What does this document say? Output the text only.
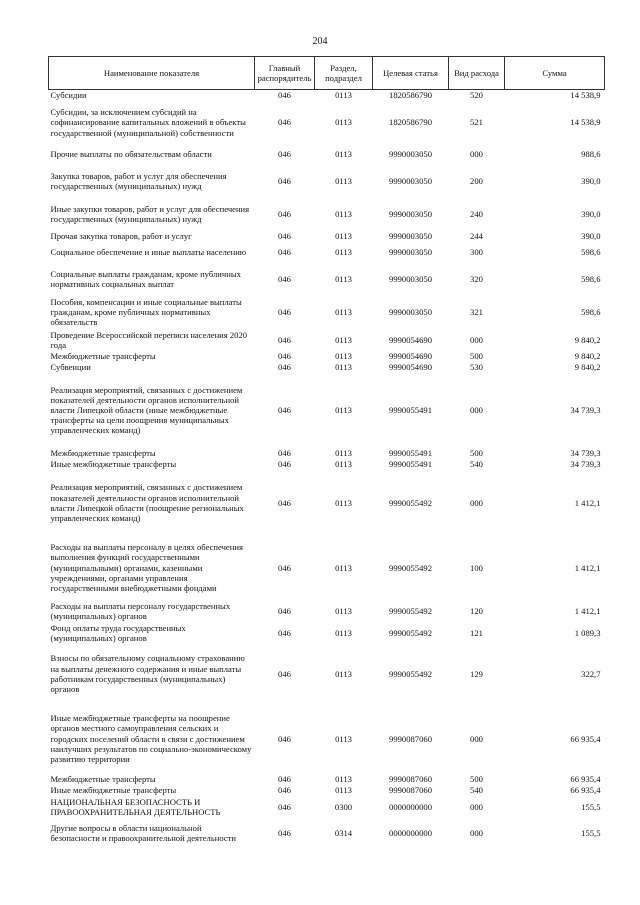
204
Наименование показателя	Главный распорядитель	Раздел, подраздел	Целевая статья	Вид расхода	Сумма
Субсидии	046	0113	1820586790	520	14 538,9
Субсидии, за исключением субсидий на софинансирование капитальных вложений в объекты государственной (муниципальной) собственности	046	0113	1820586790	521	14 538,9
Прочие выплаты по обязательствам области	046	0113	9990003050	000	988,6
Закупка товаров, работ и услуг для обеспечения государственных (муниципальных) нужд	046	0113	9990003050	200	390,0
Иные закупки товаров, работ и услуг для обеспечения государственных (муниципальных) нужд	046	0113	9990003050	240	390,0
Прочая закупка товаров, работ и услуг	046	0113	9990003050	244	390,0
Социальное обеспечение и иные выплаты населению	046	0113	9990003050	300	598,6
Социальные выплаты гражданам, кроме публичных нормативных социальных выплат	046	0113	9990003050	320	598,6
Пособия, компенсации и иные социальные выплаты гражданам, кроме публичных нормативных обязательств	046	0113	9990003050	321	598,6
Проведение Всероссийской переписи населения 2020 года	046	0113	9990054690	000	9 840,2
Межбюджетные трансферты	046	0113	9990054690	500	9 840,2
Субвенции	046	0113	9990054690	530	9 840,2
Реализация мероприятий, связанных с достижением показателей деятельности органов исполнительной власти Липецкой области (иные межбюджетные трансферты на цели поощрения муниципальных управленческих команд)	046	0113	9990055491	000	34 739,3
Межбюджетные трансферты	046	0113	9990055491	500	34 739,3
Иные межбюджетные трансферты	046	0113	9990055491	540	34 739,3
Реализация мероприятий, связанных с достижением показателей деятельности органов исполнительной власти Липецкой области (поощрение региональных управленческих команд)	046	0113	9990055492	000	1 412,1
Расходы на выплаты персоналу в целях обеспечения выполнения функций государственными (муниципальными) органами, казенными учреждениями, органами управления государственными внебюджетными фондами	046	0113	9990055492	100	1 412,1
Расходы на выплаты персоналу государственных (муниципальных) органов	046	0113	9990055492	120	1 412,1
Фонд оплаты труда государственных (муниципальных) органов	046	0113	9990055492	121	1 089,3
Взносы по обязательному социальному страхованию на выплаты денежного содержания и иные выплаты работникам государственных (муниципальных) органов	046	0113	9990055492	129	322,7
Иные межбюджетные трансферты на поощрение органов местного самоуправления сельских и городских поселений области в связи с достижением наилучших результатов по социально-экономическому развитию территории	046	0113	9990087060	000	66 935,4
Межбюджетные трансферты	046	0113	9990087060	500	66 935,4
Иные межбюджетные трансферты	046	0113	9990087060	540	66 935,4
НАЦИОНАЛЬНАЯ БЕЗОПАСНОСТЬ И ПРАВООХРАНИТЕЛЬНАЯ ДЕЯТЕЛЬНОСТЬ	046	0300	0000000000	000	155,5
Другие вопросы в области национальной безопасности и правоохранительной деятельности	046	0314	0000000000	000	155,5
